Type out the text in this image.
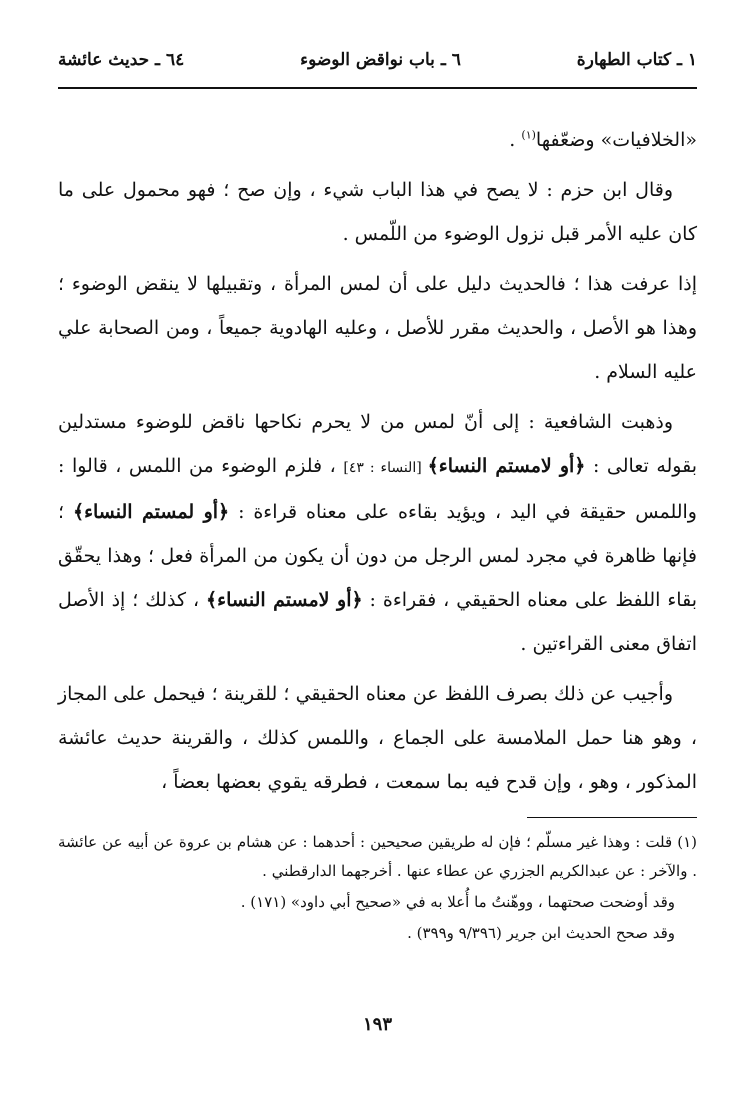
١ ـ كتاب الطهارة
٦ ـ باب نواقض الوضوء
٦٤ ـ حديث عائشة

«الخلافيات» وضعّفها$^{(١)}$ .

وقال ابن حزم : لا يصح في هذا الباب شيء ، وإن صح ؛ فهو محمول على ما كان عليه الأمر قبل نزول الوضوء من اللّمس .

إذا عرفت هذا ؛ فالحديث دليل على أن لمس المرأة ، وتقبيلها لا ينقض الوضوء ؛ وهذا هو الأصل ، والحديث مقرر للأصل ، وعليه الهادوية جميعاً ، ومن الصحابة علي عليه السلام .

وذهبت الشافعية : إلى أنّ لمس من لا يحرم نكاحها ناقض للوضوء مستدلين بقوله تعالى : ﴿أو لامستم النساء﴾ [النساء : ٤٣] ، فلزم الوضوء من اللمس ، قالوا : واللمس حقيقة في اليد ، ويؤيد بقاءه على معناه قراءة : ﴿أو لمستم النساء﴾ ؛ فإنها ظاهرة في مجرد لمس الرجل من دون أن يكون من المرأة فعل ؛ وهذا يحقّق بقاء اللفظ على معناه الحقيقي ، فقراءة : ﴿أو لامستم النساء﴾ ، كذلك ؛ إذ الأصل اتفاق معنى القراءتين .

وأجيب عن ذلك بصرف اللفظ عن معناه الحقيقي ؛ للقرينة ؛ فيحمل على المجاز ، وهو هنا حمل الملامسة على الجماع ، واللمس كذلك ، والقرينة حديث عائشة المذكور ، وهو ، وإن قدح فيه بما سمعت ، فطرقه يقوي بعضها بعضاً ،

(١) قلت : وهذا غير مسلّم ؛ فإن له طريقين صحيحين : أحدهما : عن هشام بن عروة عن أبيه عن عائشة . والآخر : عن عبدالكريم الجزري عن عطاء عنها . أخرجهما الدارقطني .

وقد أوضحت صحتهما ، ووهّنتُ ما أُعلا به في «صحيح أبي داود» (١٧١) .

وقد صحح الحديث ابن جرير (٩/٣٩٦ و٣٩٩) .

١٩٣
